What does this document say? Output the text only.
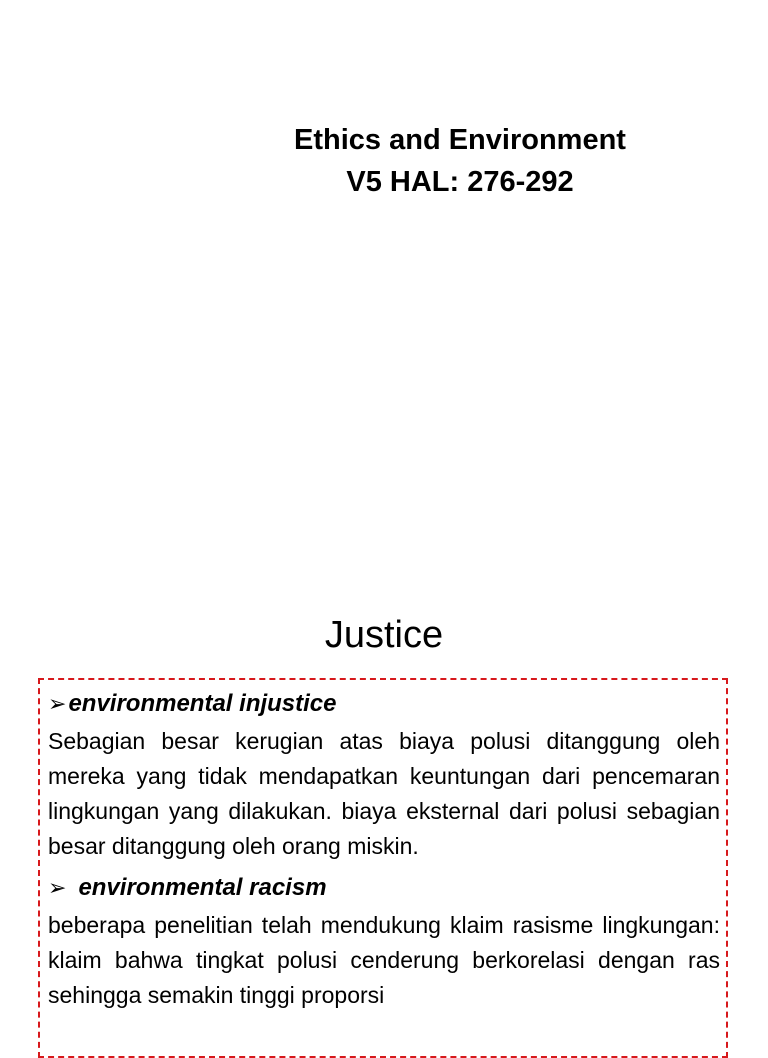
Ethics and Environment
V5 HAL: 276-292
Justice
➢ environmental injustice
Sebagian besar kerugian atas biaya polusi ditanggung oleh mereka yang tidak mendapatkan keuntungan dari pencemaran lingkungan yang dilakukan. biaya eksternal dari polusi sebagian besar ditanggung oleh orang miskin.
➢ environmental racism
beberapa penelitian telah mendukung klaim rasisme lingkungan: klaim bahwa tingkat polusi cenderung berkorelasi dengan ras sehingga semakin tinggi proporsi
